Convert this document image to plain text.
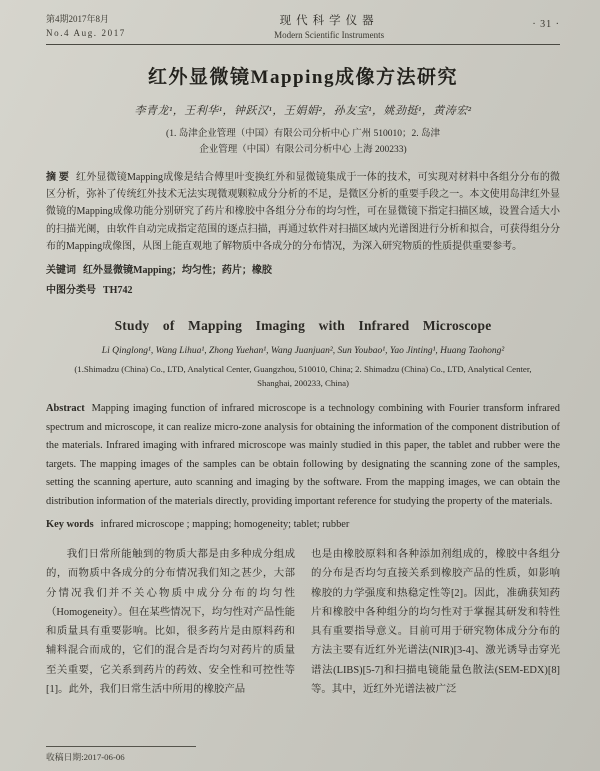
第4期2017年8月
No.4 Aug. 2017
现代科学仪器
Modern Scientific Instruments
· 31 ·
红外显微镜Mapping成像方法研究
李青龙¹，王利华¹，钟跃汉¹，王娟娟²，孙友宝¹，姚劲挺¹，黄涛宏²
(1. 岛津企业管理（中国）有限公司分析中心 广州 510010；2. 岛津
企业管理（中国）有限公司分析中心 上海 200233)

摘 要 红外显微镜Mapping成像是结合傅里叶变换红外和显微镜集成于一体的技术，可实现对材料中各组分分布的微区分析，弥补了传统红外技术无法实现微观颗粒成分分析的不足，是微区分析的重要手段之一。本文使用岛津红外显微镜的Mapping成像功能分别研究了药片和橡胶中各组分分布的均匀性，可在显微镜下指定扫描区域，设置合适大小的扫描光阑，由软件自动完成指定范围的逐点扫描，再通过软件对扫描区域内光谱图进行分析和拟合，可获得组分分布的Mapping成像图，从图上能直观地了解物质中各成分的分布情况，为深入研究物质的性质提供重要参考。

关键词 红外显微镜Mapping；均匀性；药片；橡胶

中图分类号 TH742

Study of Mapping Imaging with Infrared Microscope
Li Qinglong¹, Wang Lihua¹, Zhong Yuehan¹, Wang Juanjuan², Sun Youbao¹, Yao Jinting¹, Huang Taohong²
(1.Shimadzu (China) Co., LTD, Analytical Center, Guangzhou, 510010, China; 2. Shimadzu (China) Co., LTD, Analytical Center,
Shanghai, 200233, China)

Abstract Mapping imaging function of infrared microscope is a technology combining with Fourier transform infrared spectrum and microscope, it can realize micro-zone analysis for obtaining the information of the component distribution of the materials. Infrared imaging with infrared microscope was mainly studied in this paper, the tablet and rubber were the targets. The mapping images of the samples can be obtain following by designating the scanning zone of the samples, setting the scanning aperture, auto scanning and imaging by the software. From the mapping images, we can obtain the distribution information of the materials directly, providing important reference for studying the property of the materials.

Key words infrared microscope ; mapping; homogeneity; tablet; rubber

我们日常所能触到的物质大都是由多种成分组成的，而物质中各成分的分布情况我们知之甚少，大部分情况我们并不关心物质中成分分布的均匀性（Homogeneity）。但在某些情况下，均匀性对产品性能和质量具有重要影响。比如，很多药片是由原料药和辅料混合而成的，它们的混合是否均匀对药片的质量至关重要，它关系到药片的药效、安全性和可控性等[1]。此外，我们日常生活中所用的橡胶产品

也是由橡胶原料和各种添加剂组成的，橡胶中各组分的分布是否均匀直接关系到橡胶产品的性质，如影响橡胶的力学强度和热稳定性等[2]。因此，准确获知药片和橡胶中各种组分的均匀性对于掌握其研发和特性具有重要指导意义。目前可用于研究物体成分分布的方法主要有近红外光谱法(NIR)[3-4]、激光诱导击穿光谱法(LIBS)[5-7]和扫描电镜能量色散法(SEM-EDX)[8]等。其中，近红外光谱法被广泛

收稿日期:2017-06-06
